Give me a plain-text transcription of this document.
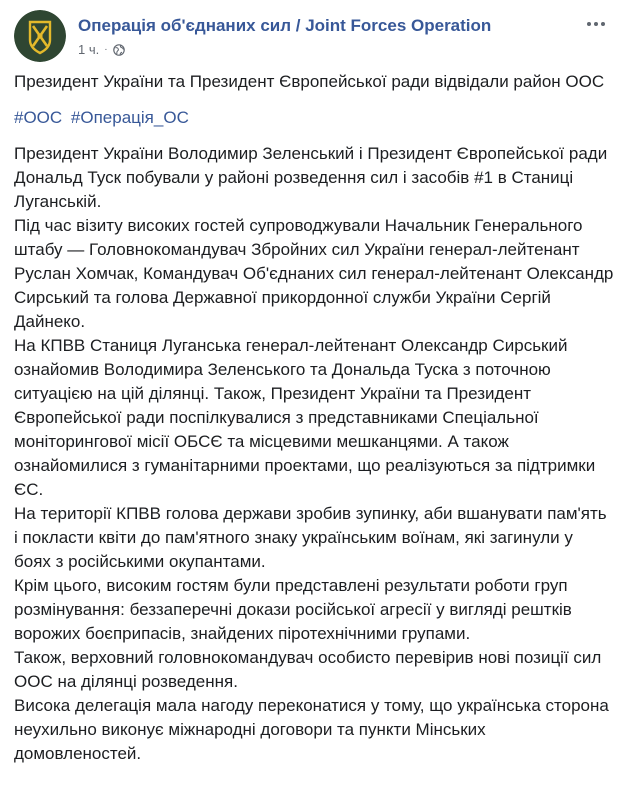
Операція об'єднаних сил / Joint Forces Operation
1 ч. ·
Президент України та Президент Європейської ради відвідали район ООС
#ООС #Операція_ОС

Президент України Володимир Зеленський і Президент Європейської ради Дональд Туск побували у районі розведення сил і засобів #1 в Станиці Луганській.

Під час візиту високих гостей супроводжували Начальник Генерального штабу — Головнокомандувач Збройних сил України генерал-лейтенант Руслан Хомчак, Командувач Об'єднаних сил генерал-лейтенант Олександр Сирський та голова Державної прикордонної служби України Сергій Дайнеко.

На КПВВ Станиця Луганська генерал-лейтенант Олександр Сирський ознайомив Володимира Зеленського та Дональда Туска з поточною ситуацією на цій ділянці. Також, Президент України та Президент Європейської ради поспілкувалися з представниками Спеціальної моніторингової місії ОБСЄ та місцевими мешканцями. А також ознайомилися з гуманітарними проектами, що реалізуються за підтримки ЄС.

На території КПВВ голова держави зробив зупинку, аби вшанувати пам'ять і покласти квіти до пам'ятного знаку українським воїнам, які загинули у боях з російськими окупантами.

Крім цього, високим гостям були представлені результати роботи груп розмінування: беззаперечні докази російської агресії у вигляді рештків ворожих боєприпасів, знайдених піротехнічними групами.

Також, верховний головнокомандувач особисто перевірив нові позиції сил ООС на ділянці розведення.

Висока делегація мала нагоду переконатися у тому, що українська сторона неухильно виконує міжнародні договори та пункти Мінських домовленостей.
